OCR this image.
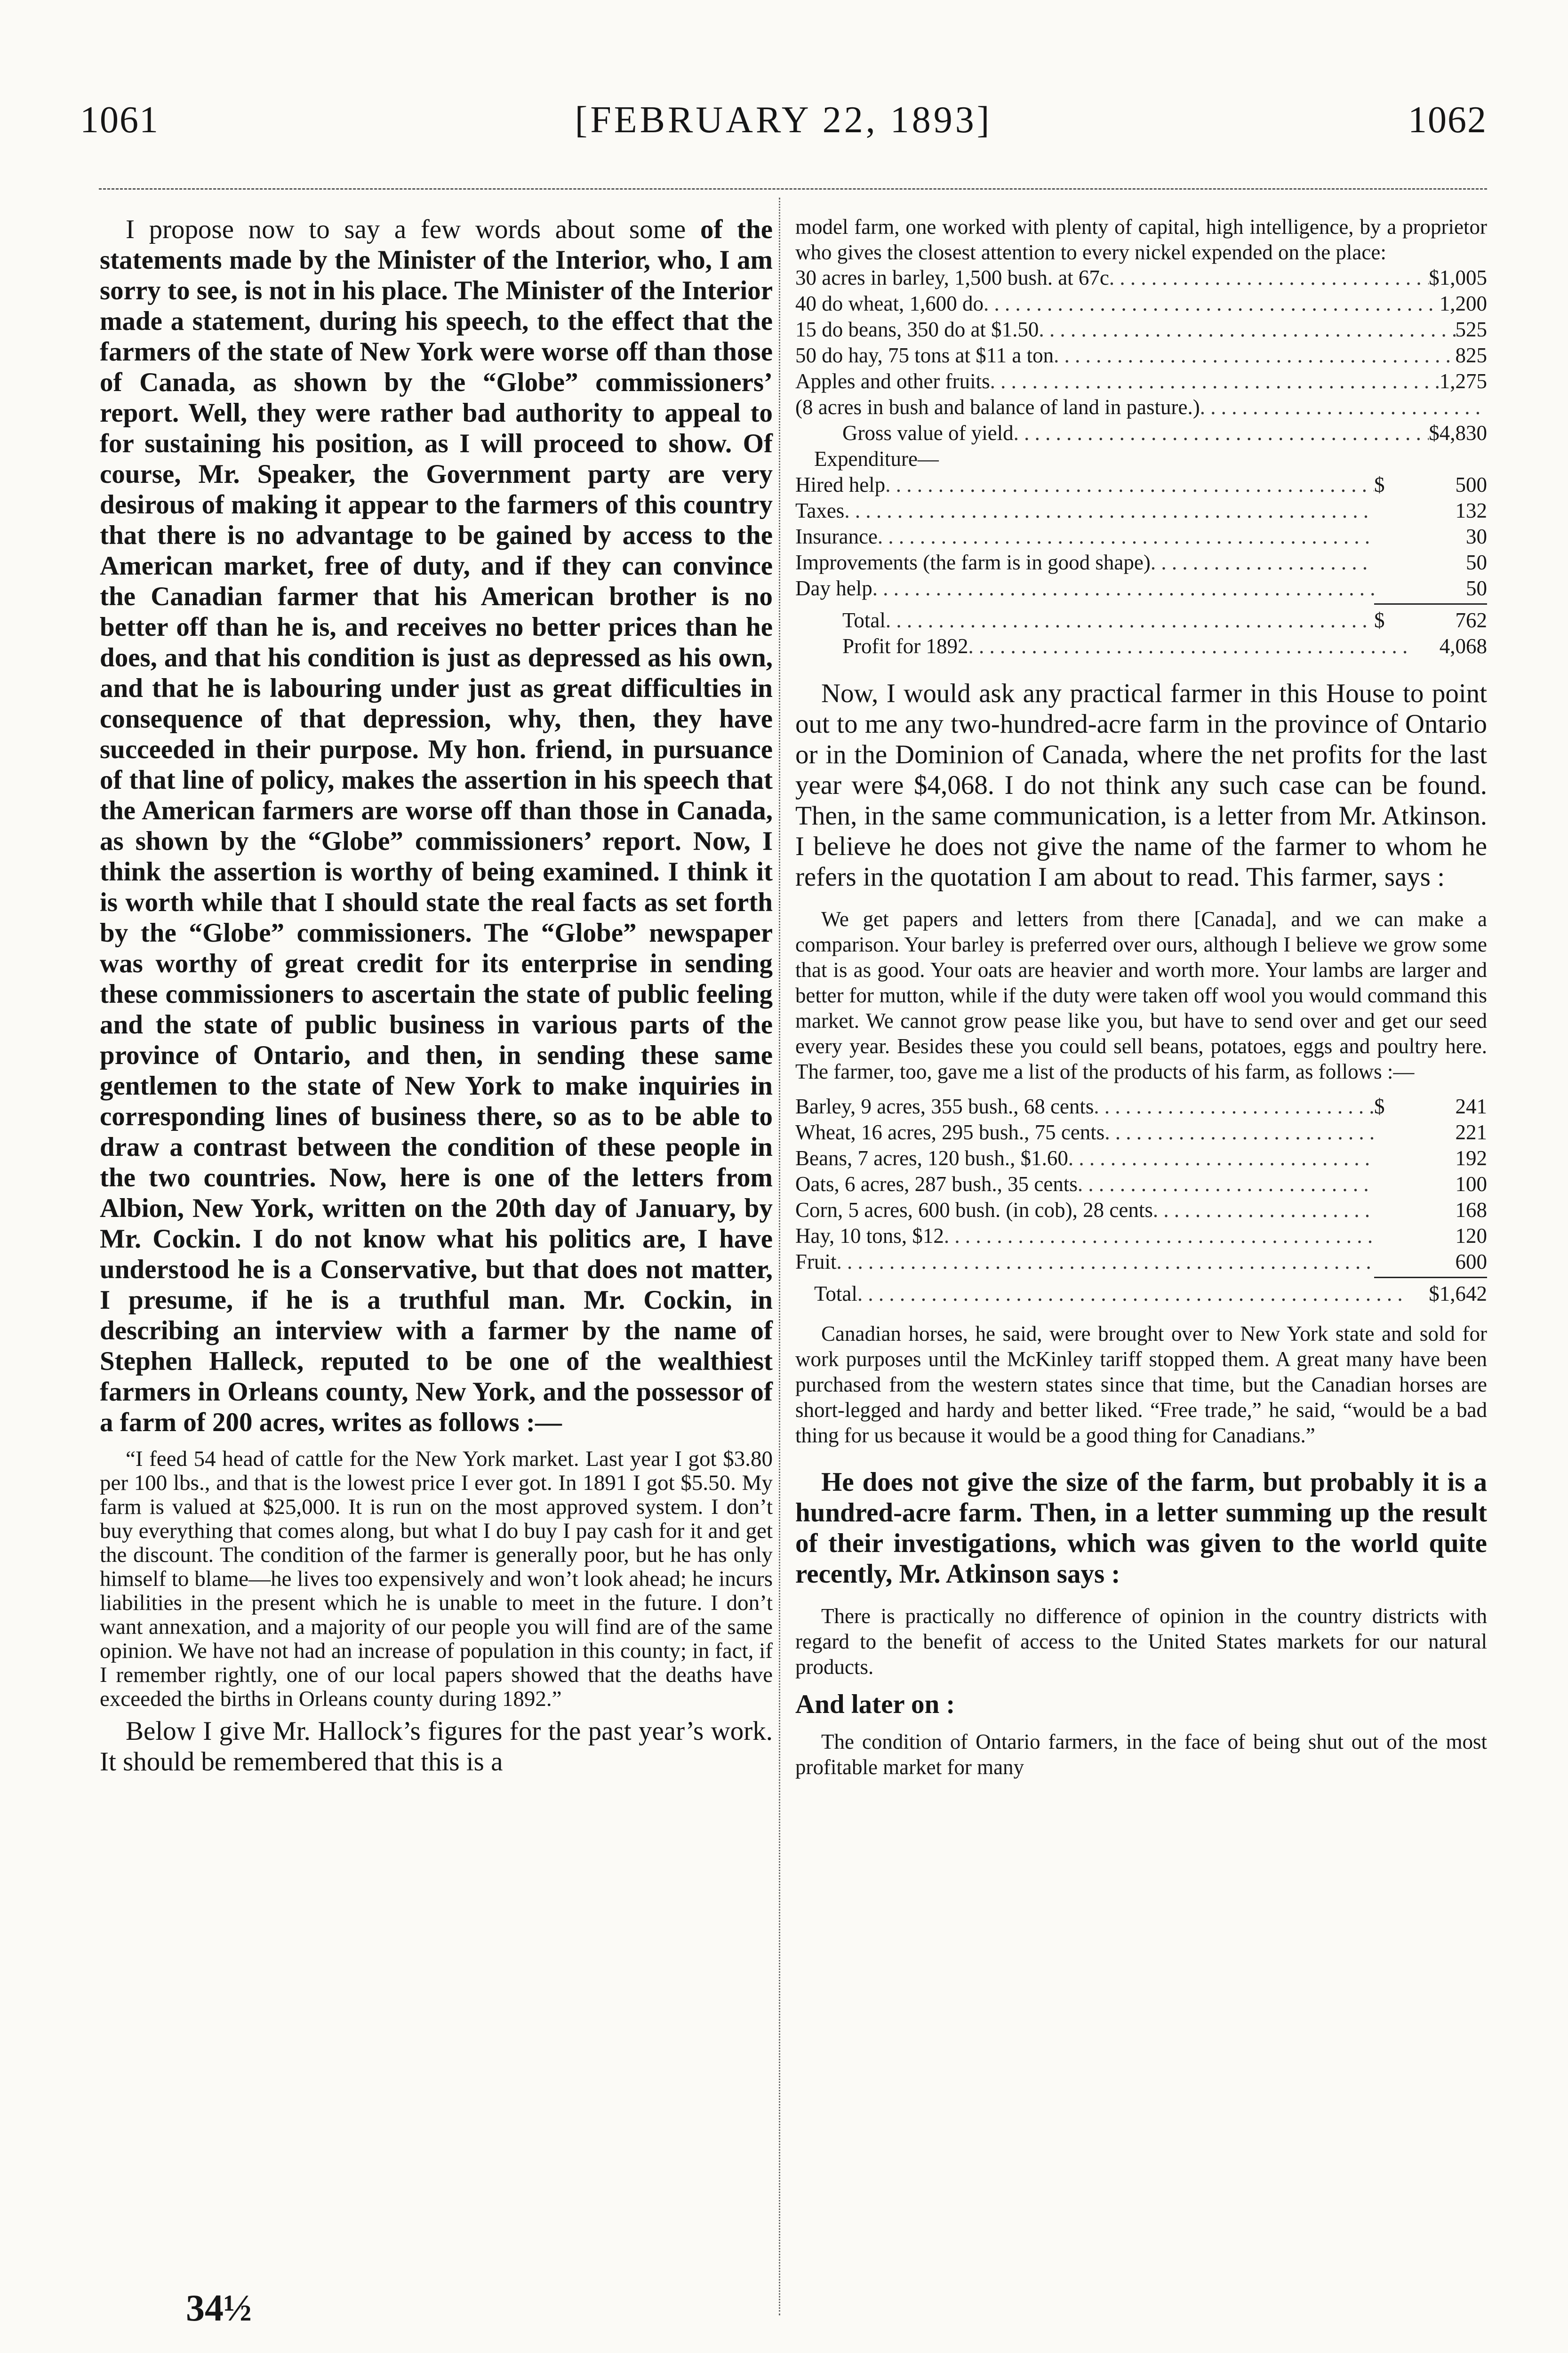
1061	[FEBRUARY 22, 1893]	1062

I propose now to say a few words about some of the statements made by the Minister of the Interior, who, I am sorry to see, is not in his place. The Minister of the Interior made a statement, during his speech, to the effect that the farmers of the state of New York were worse off than those of Canada, as shown by the “Globe” commissioners’ report. Well, they were rather bad authority to appeal to for sustaining his position, as I will proceed to show. Of course, Mr. Speaker, the Government party are very desirous of making it appear to the farmers of this country that there is no advantage to be gained by access to the American market, free of duty, and if they can convince the Canadian farmer that his American brother is no better off than he is, and receives no better prices than he does, and that his condition is just as depressed as his own, and that he is labouring under just as great difficulties in consequence of that depression, why, then, they have succeeded in their purpose. My hon. friend, in pursuance of that line of policy, makes the assertion in his speech that the American farmers are worse off than those in Canada, as shown by the “Globe” commissioners’ report. Now, I think the assertion is worthy of being examined. I think it is worth while that I should state the real facts as set forth by the “Globe” commissioners. The “Globe” newspaper was worthy of great credit for its enterprise in sending these commissioners to ascertain the state of public feeling and the state of public business in various parts of the province of Ontario, and then, in sending these same gentlemen to the state of New York to make inquiries in corresponding lines of business there, so as to be able to draw a contrast between the condition of these people in the two countries. Now, here is one of the letters from Albion, New York, written on the 20th day of January, by Mr. Cockin. I do not know what his politics are, I have understood he is a Conservative, but that does not matter, I presume, if he is a truthful man. Mr. Cockin, in describing an interview with a farmer by the name of Stephen Halleck, reputed to be one of the wealthiest farmers in Orleans county, New York, and the possessor of a farm of 200 acres, writes as follows :—

“I feed 54 head of cattle for the New York market. Last year I got $3.80 per 100 lbs., and that is the lowest price I ever got. In 1891 I got $5.50. My farm is valued at $25,000. It is run on the most approved system. I don’t buy everything that comes along, but what I do buy I pay cash for it and get the discount. The condition of the farmer is generally poor, but he has only himself to blame—he lives too expensively and won’t look ahead; he incurs liabilities in the present which he is unable to meet in the future. I don’t want annexation, and a majority of our people you will find are of the same opinion. We have not had an increase of population in this county; in fact, if I remember rightly, one of our local papers showed that the deaths have exceeded the births in Orleans county during 1892.”

Below I give Mr. Hallock’s figures for the past year’s work. It should be remembered that this is a

34½

model farm, one worked with plenty of capital, high intelligence, by a proprietor who gives the closest attention to every nickel expended on the place:

30 acres in barley, 1,500 bush. at 67c . . .	$1,005
40 do wheat, 1,600 do . . .	1,200
15 do beans, 350 do at $1.50 . . .	525
50 do hay, 75 tons at $11 a ton . . .	825
Apples and other fruits . . .	1,275
(8 acres in bush and balance of land in pasture.)
. . .
Gross value of yield . . .	$4,830
Expenditure—
Hired help . . .	$	500
Taxes . . .	132
Insurance . . .	30
Improvements (the farm is in good shape) . . .	50
Day help . . .	50
Total . . .	$	762
Profit for 1892 . . .	4,068

Now, I would ask any practical farmer in this House to point out to me any two-hundred-acre farm in the province of Ontario or in the Dominion of Canada, where the net profits for the last year were $4,068. I do not think any such case can be found. Then, in the same communication, is a letter from Mr. Atkinson. I believe he does not give the name of the farmer to whom he refers in the quotation I am about to read. This farmer, says :

We get papers and letters from there [Canada], and we can make a comparison. Your barley is preferred over ours, although I believe we grow some that is as good. Your oats are heavier and worth more. Your lambs are larger and better for mutton, while if the duty were taken off wool you would command this market. We cannot grow pease like you, but have to send over and get our seed every year. Besides these you could sell beans, potatoes, eggs and poultry here. The farmer, too, gave me a list of the products of his farm, as follows :—

Barley, 9 acres, 355 bush., 68 cents . . .	$	241
Wheat, 16 acres, 295 bush., 75 cents . . .	221
Beans, 7 acres, 120 bush., $1.60 . . .	192
Oats, 6 acres, 287 bush., 35 cents . . .	100
Corn, 5 acres, 600 bush. (in cob), 28 cents . . .	168
Hay, 10 tons, $12 . . .	120
Fruit . . .	600
Total . . .	$1,642

Canadian horses, he said, were brought over to New York state and sold for work purposes until the McKinley tariff stopped them. A great many have been purchased from the western states since that time, but the Canadian horses are short-legged and hardy and better liked. “Free trade,” he said, “would be a bad thing for us because it would be a good thing for Canadians.”

He does not give the size of the farm, but probably it is a hundred-acre farm. Then, in a letter summing up the result of their investigations, which was given to the world quite recently, Mr. Atkinson says :

There is practically no difference of opinion in the country districts with regard to the benefit of access to the United States markets for our natural products.

And later on :

The condition of Ontario farmers, in the face of being shut out of the most profitable market for many
